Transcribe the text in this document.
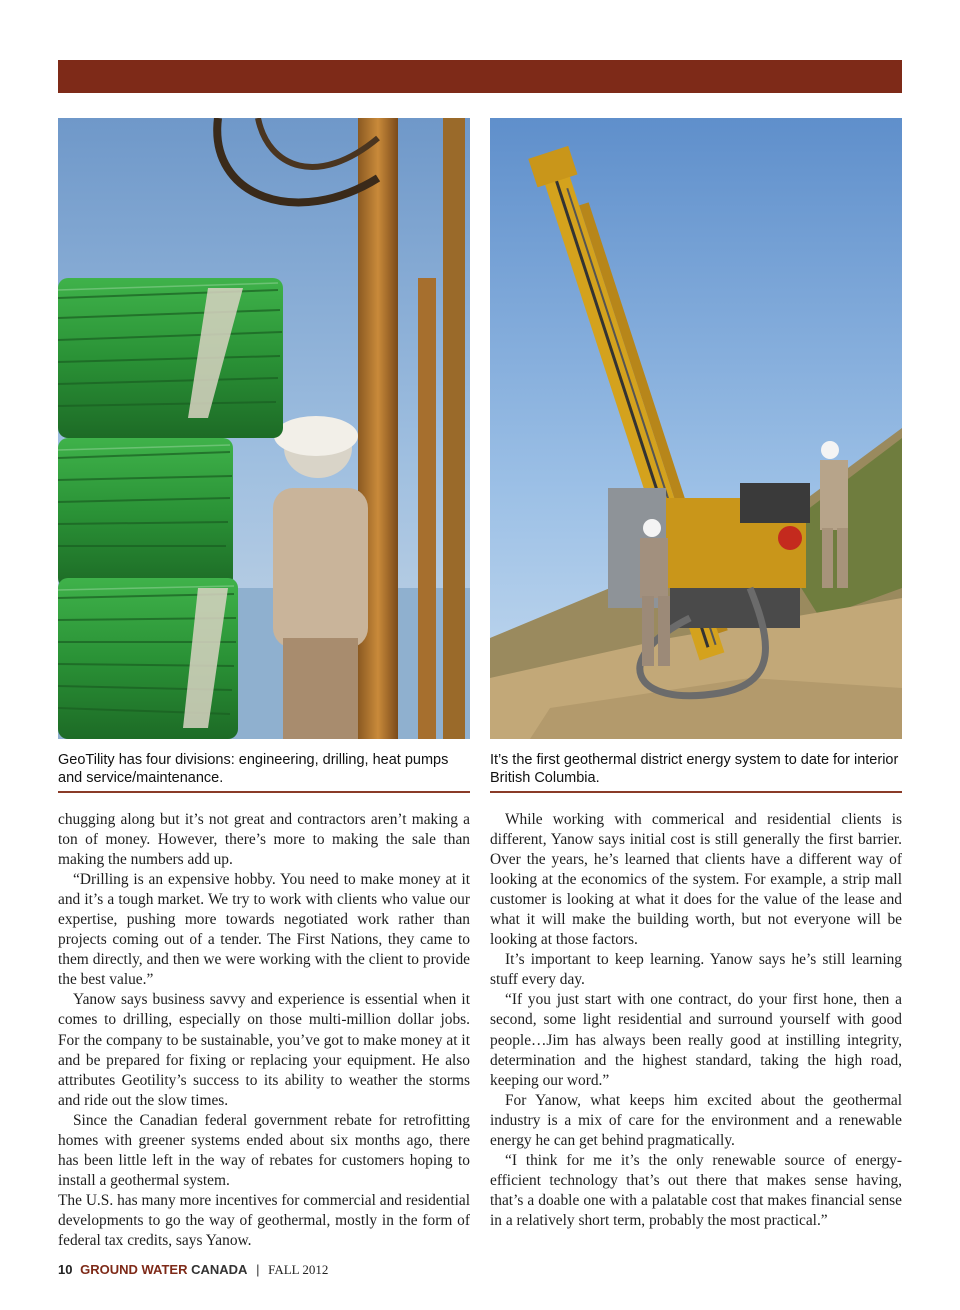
GeoTility has four divisions: engineering, drilling, heat pumps and service/maintenance.
It’s the first geothermal district energy system to date for interior British Columbia.

chugging along but it’s not great and contractors aren’t making a ton of money. However, there’s more to making the sale than making the numbers add up.

“Drilling is an expensive hobby. You need to make money at it and it’s a tough market. We try to work with clients who value our expertise, pushing more towards negotiated work rather than projects coming out of a tender. The First Nations, they came to them directly, and then we were working with the client to provide the best value.”

Yanow says business savvy and experience is essential when it comes to drilling, especially on those multi-million dollar jobs. For the company to be sustainable, you’ve got to make money at it and be prepared for fixing or replacing your equipment. He also attributes Geotility’s success to its ability to weather the storms and ride out the slow times.

Since the Canadian federal government rebate for retrofitting homes with greener systems ended about six months ago, there has been little left in the way of rebates for customers hoping to install a geothermal system.

The U.S. has many more incentives for commercial and residential developments to go the way of geothermal, mostly in the form of federal tax credits, says Yanow.

While working with commerical and residential clients is different, Yanow says initial cost is still generally the first barrier. Over the years, he’s learned that clients have a different way of looking at the economics of the system. For example, a strip mall customer is looking at what it does for the value of the lease and what it will make the building worth, but not everyone will be looking at those factors.

It’s important to keep learning. Yanow says he’s still learning stuff every day.

“If you just start with one contract, do your first hone, then a second, some light residential and surround yourself with good people…Jim has always been really good at instilling integrity, determination and the highest standard, taking the high road, keeping our word.”

For Yanow, what keeps him excited about the geothermal industry is a mix of care for the environment and a renewable energy he can get behind pragmatically.

“I think for me it’s the only renewable source of energy-efficient technology that’s out there that makes sense having, that’s a doable one with a palatable cost that makes financial sense in a relatively short term, probably the most practical.”

10 GROUND WATER CANADA | FALL 2012
